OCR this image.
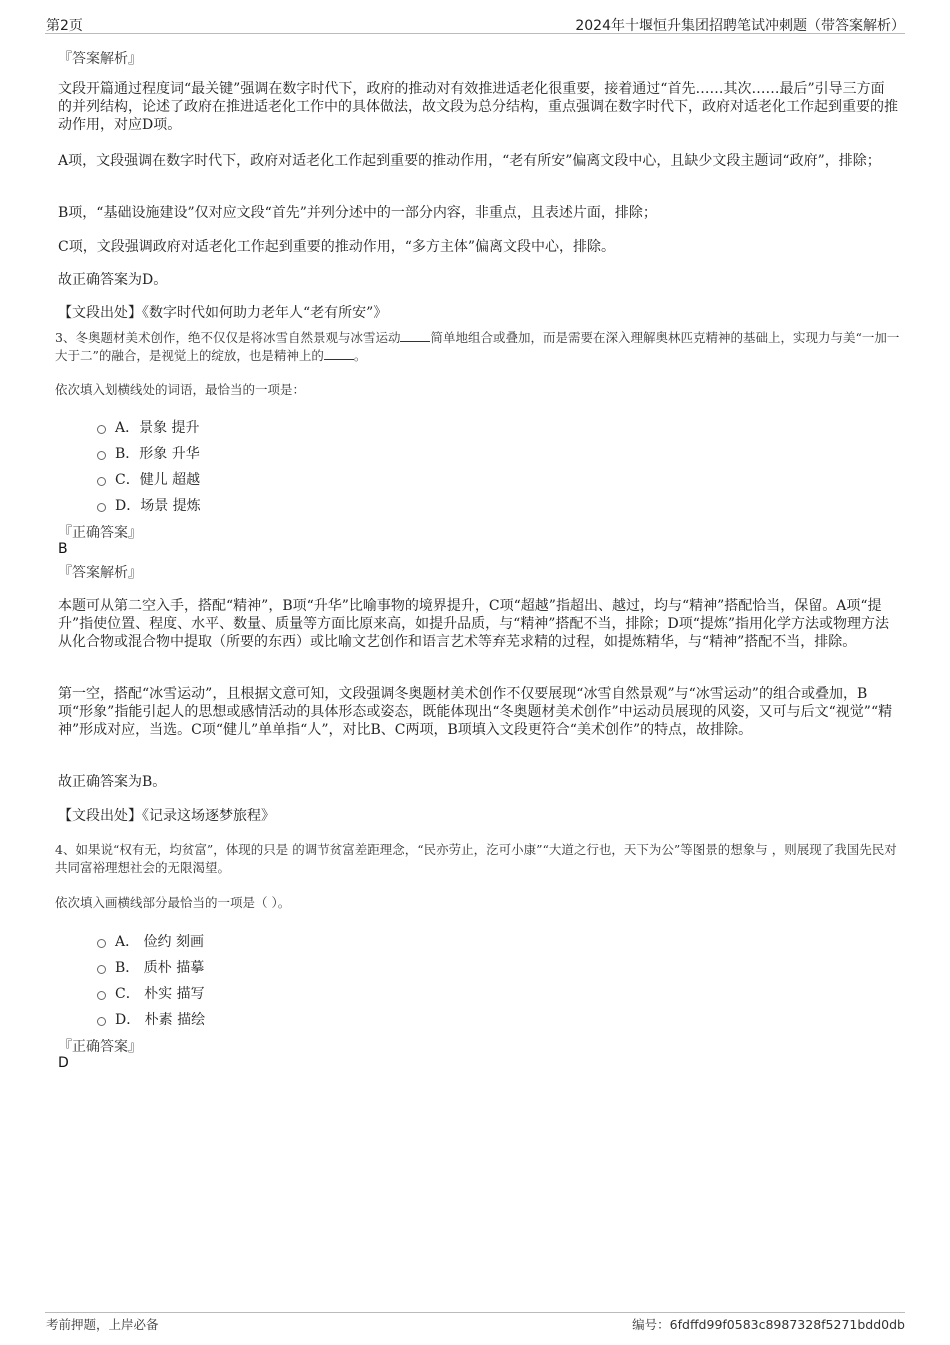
第2页	2024年十堰恒升集团招聘笔试冲刺题（带答案解析）
『答案解析』
文段开篇通过程度词“最关键”强调在数字时代下，政府的推动对有效推进适老化很重要，接着通过“首先……其次……最后”引导三方面的并列结构，论述了政府在推进适老化工作中的具体做法，故文段为总分结构，重点强调在数字时代下，政府对适老化工作起到重要的推动作用，对应D项。
A项，文段强调在数字时代下，政府对适老化工作起到重要的推动作用，“老有所安”偏离文段中心，且缺少文段主题词“政府”，排除；
B项，“基础设施建设”仅对应文段“首先”并列分述中的一部分内容，非重点，且表述片面，排除；
C项，文段强调政府对适老化工作起到重要的推动作用，“多方主体”偏离文段中心，排除。
故正确答案为D。
【文段出处】《数字时代如何助力老年人“老有所安”》
3、冬奥题材美术创作，绝不仅仅是将冰雪自然景观与冰雪运动 简单地组合或叠加，而是需要在深入理解奥林匹克精神的基础上，实现力与美“一加一大于二”的融合，是视觉上的绽放，也是精神上的 。
依次填入划横线处的词语，最恰当的一项是：
A．景象 提升
B．形象 升华
C．健儿 超越
D．场景 提炼
『正确答案』
B
『答案解析』
本题可从第二空入手，搭配“精神”，B项“升华”比喻事物的境界提升，C项“超越”指超出、越过，均与“精神”搭配恰当，保留。A项“提升”指使位置、程度、水平、数量、质量等方面比原来高，如提升品质，与“精神”搭配不当，排除；D项“提炼”指用化学方法或物理方法从化合物或混合物中提取（所要的东西）或比喻文艺创作和语言艺术等弃芜求精的过程，如提炼精华，与“精神”搭配不当，排除。
第一空，搭配“冰雪运动”，且根据文意可知，文段强调冬奥题材美术创作不仅要展现“冰雪自然景观”与“冰雪运动”的组合或叠加，B项“形象”指能引起人的思想或感情活动的具体形态或姿态，既能体现出“冬奥题材美术创作”中运动员展现的风姿，又可与后文“视觉”“精神”形成对应，当选。C项“健儿”单单指“人”，对比B、C两项，B项填入文段更符合“美术创作”的特点，故排除。
故正确答案为B。
【文段出处】《记录这场逐梦旅程》
4、如果说“权有无，均贫富”，体现的只是 的调节贫富差距理念，“民亦劳止，汔可小康”“大道之行也，天下为公”等图景的想象与 ，则展现了我国先民对共同富裕理想社会的无限渴望。
依次填入画横线部分最恰当的一项是（ ）。
A． 俭约 刻画
B． 质朴 描摹
C． 朴实 描写
D． 朴素 描绘
『正确答案』
D
考前押题，上岸必备	编号：6fdffd99f0583c8987328f5271bdd0db
